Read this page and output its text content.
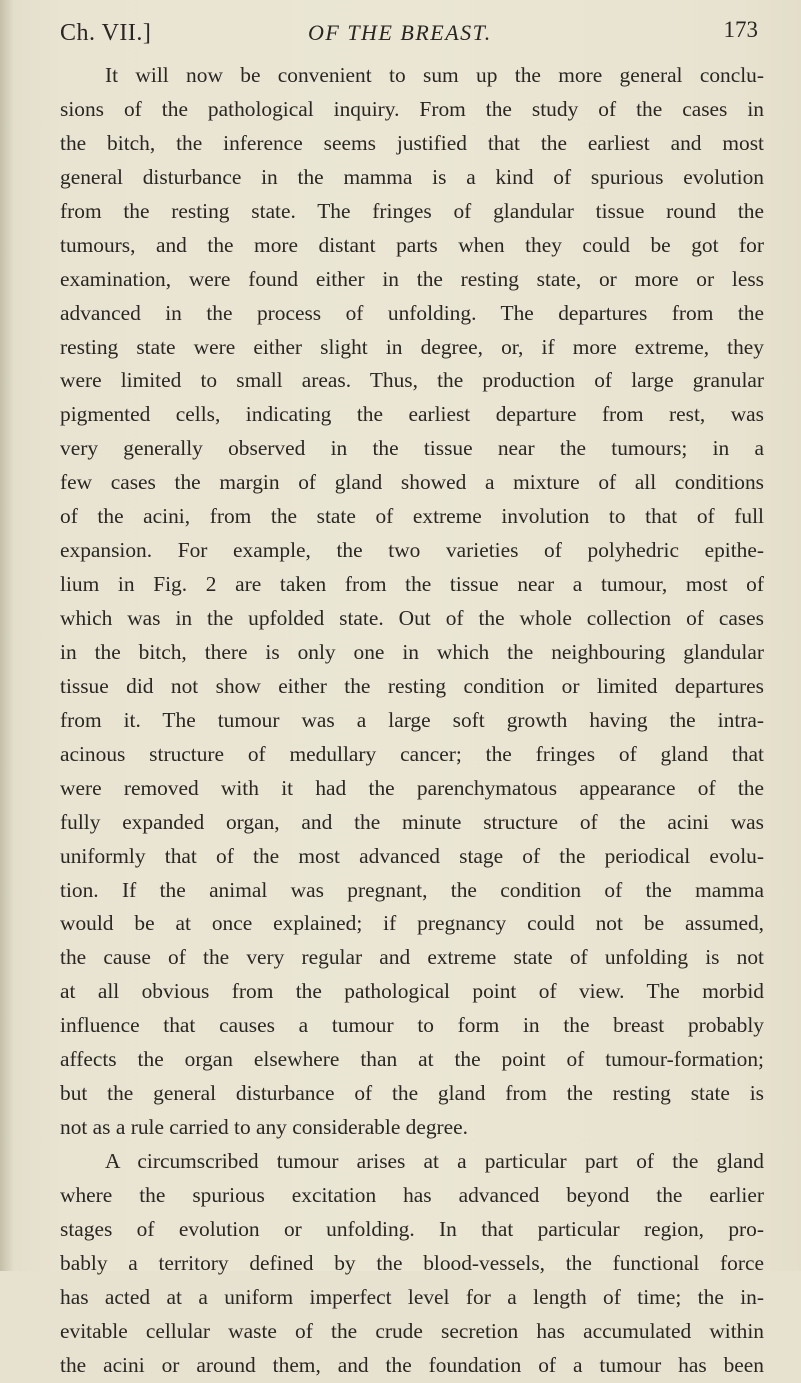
Ch. VII.]	OF THE BREAST.	173
It will now be convenient to sum up the more general conclu-
sions of the pathological inquiry. From the study of the cases in
the bitch, the inference seems justified that the earliest and most
general disturbance in the mamma is a kind of spurious evolution
from the resting state. The fringes of glandular tissue round the
tumours, and the more distant parts when they could be got for
examination, were found either in the resting state, or more or less
advanced in the process of unfolding. The departures from the
resting state were either slight in degree, or, if more extreme, they
were limited to small areas. Thus, the production of large granular
pigmented cells, indicating the earliest departure from rest, was
very generally observed in the tissue near the tumours; in a
few cases the margin of gland showed a mixture of all conditions
of the acini, from the state of extreme involution to that of full
expansion. For example, the two varieties of polyhedric epithe-
lium in Fig. 2 are taken from the tissue near a tumour, most of
which was in the upfolded state. Out of the whole collection of cases
in the bitch, there is only one in which the neighbouring glandular
tissue did not show either the resting condition or limited departures
from it. The tumour was a large soft growth having the intra-
acinous structure of medullary cancer; the fringes of gland that
were removed with it had the parenchymatous appearance of the
fully expanded organ, and the minute structure of the acini was
uniformly that of the most advanced stage of the periodical evolu-
tion. If the animal was pregnant, the condition of the mamma
would be at once explained; if pregnancy could not be assumed,
the cause of the very regular and extreme state of unfolding is not
at all obvious from the pathological point of view. The morbid
influence that causes a tumour to form in the breast probably
affects the organ elsewhere than at the point of tumour-formation;
but the general disturbance of the gland from the resting state is
not as a rule carried to any considerable degree.
A circumscribed tumour arises at a particular part of the gland
where the spurious excitation has advanced beyond the earlier
stages of evolution or unfolding. In that particular region, pro-
bably a territory defined by the blood-vessels, the functional force
has acted at a uniform imperfect level for a length of time; the in-
evitable cellular waste of the crude secretion has accumulated within
the acini or around them, and the foundation of a tumour has been
